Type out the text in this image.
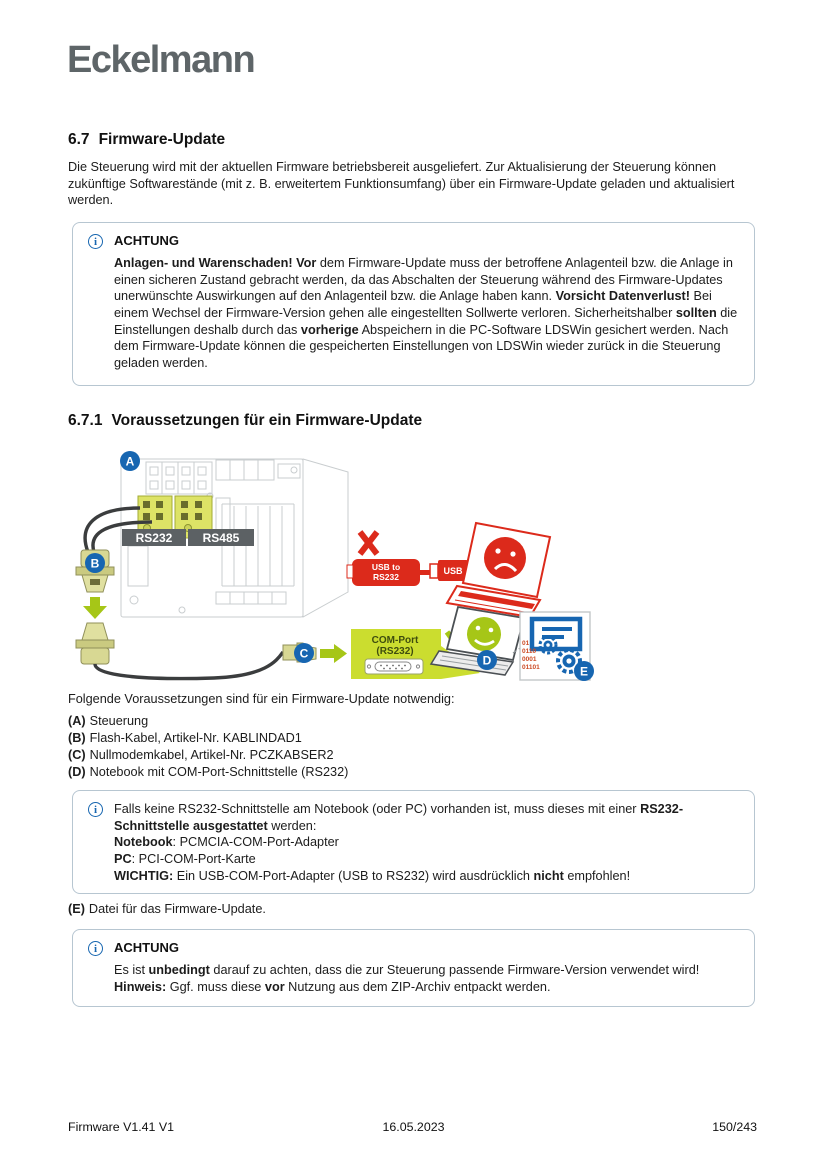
Eckelmann
6.7 Firmware-Update
Die Steuerung wird mit der aktuellen Firmware betriebsbereit ausgeliefert. Zur Aktualisierung der Steuerung können zukünftige Softwarestände (mit z. B. erweitertem Funktionsumfang) über ein Firmware-Update geladen und aktualisiert werden.
i	ACHTUNG
Anlagen- und Warenschaden! Vor dem Firmware-Update muss der betroffene Anlagenteil bzw. die Anlage in einen sicheren Zustand gebracht werden, da das Abschalten der Steuerung während des Firmware-Updates unerwünschte Auswirkungen auf den Anlagenteil bzw. die Anlage haben kann. Vorsicht Datenverlust! Bei einem Wechsel der Firmware-Version gehen alle eingestellten Sollwerte verloren. Sicherheitshalber sollten die Einstellungen deshalb durch das vorherige Abspeichern in die PC-Software LDSWin gesichert werden. Nach dem Firmware-Update können die gespeicherten Einstellungen von LDSWin wieder zurück in die Steuerung geladen werden.
6.7.1 Voraussetzungen für ein Firmware-Update
RS232	RS485
A
B
C
COM-Port
(RS232)
USB to
RS232
USB
D
01
0110
0001
01101	E
Folgende Voraussetzungen sind für ein Firmware-Update notwendig:
(A) Steuerung
(B) Flash-Kabel, Artikel-Nr. KABLINDAD1
(C) Nullmodemkabel, Artikel-Nr. PCZKABSER2
(D) Notebook mit COM-Port-Schnittstelle (RS232)
i	Falls keine RS232-Schnittstelle am Notebook (oder PC) vorhanden ist, muss dieses mit einer RS232-Schnittstelle ausgestattet werden:
Notebook: PCMCIA-COM-Port-Adapter
PC: PCI-COM-Port-Karte
WICHTIG: Ein USB-COM-Port-Adapter (USB to RS232) wird ausdrücklich nicht empfohlen!
(E) Datei für das Firmware-Update.
i	ACHTUNG
Es ist unbedingt darauf zu achten, dass die zur Steuerung passende Firmware-Version verwendet wird! Hinweis: Ggf. muss diese vor Nutzung aus dem ZIP-Archiv entpackt werden.
Firmware V1.41 V1	16.05.2023	150/243
